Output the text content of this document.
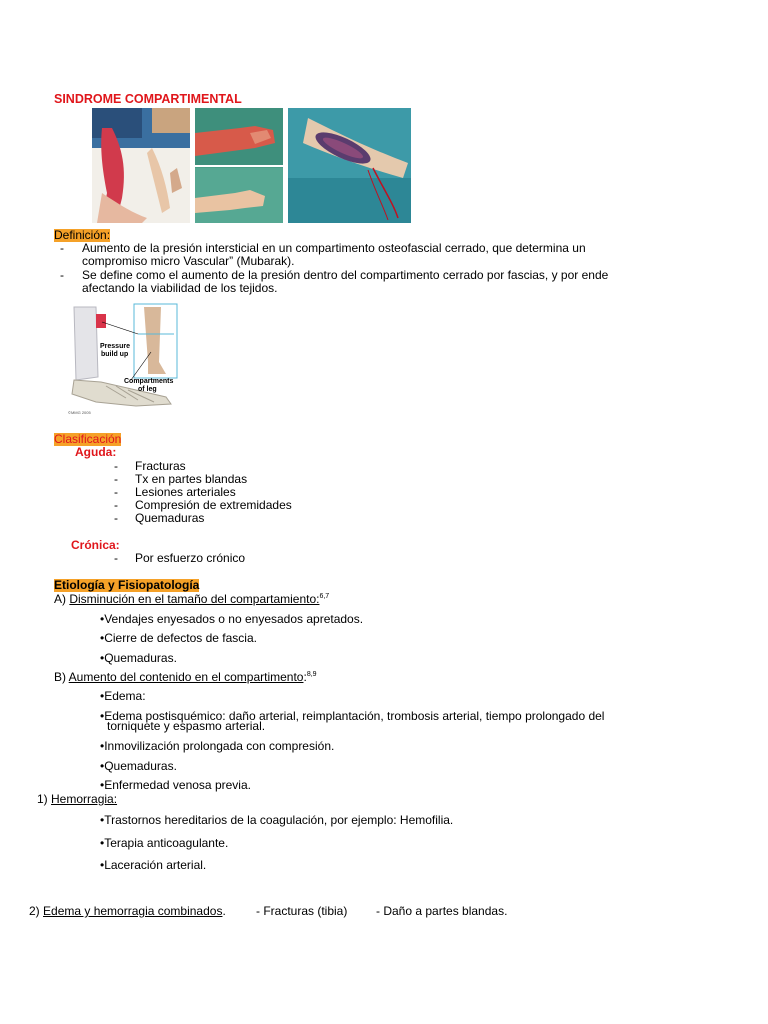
SINDROME COMPARTIMENTAL
Definición:
- Aumento de la presión intersticial en un compartimento osteofascial cerrado, que determina un
compromiso micro Vascular” (Mubarak).
- Se define como el aumento de la presión dentro del compartimento cerrado por fascias, y por ende
afectando la viabilidad de los tejidos.
Pressure
build up
Compartments
of leg
©MMG 2005
Clasificación
Aguda:
- Fracturas
- Tx en partes blandas
- Lesiones arteriales
- Compresión de extremidades
- Quemaduras
Crónica:
- Por esfuerzo crónico
Etiología y Fisiopatología
A) Disminución en el tamaño del compartamiento:$^{6,7}$
•Vendajes enyesados o no enyesados apretados.
•Cierre de defectos de fascia.
•Quemaduras.
B) Aumento del contenido en el compartimento:$^{8,9}$
•Edema:
•Edema postisquémico: daño arterial, reimplantación, trombosis arterial, tiempo prolongado del
torniquete y espasmo arterial.
•Inmovilización prolongada con compresión.
•Quemaduras.
•Enfermedad venosa previa.
1) Hemorragia:
•Trastornos hereditarios de la coagulación, por ejemplo: Hemofilia.
•Terapia anticoagulante.
•Laceración arterial.
2) Edema y hemorragia combinados.	- Fracturas (tibia) - Daño a partes blandas.
